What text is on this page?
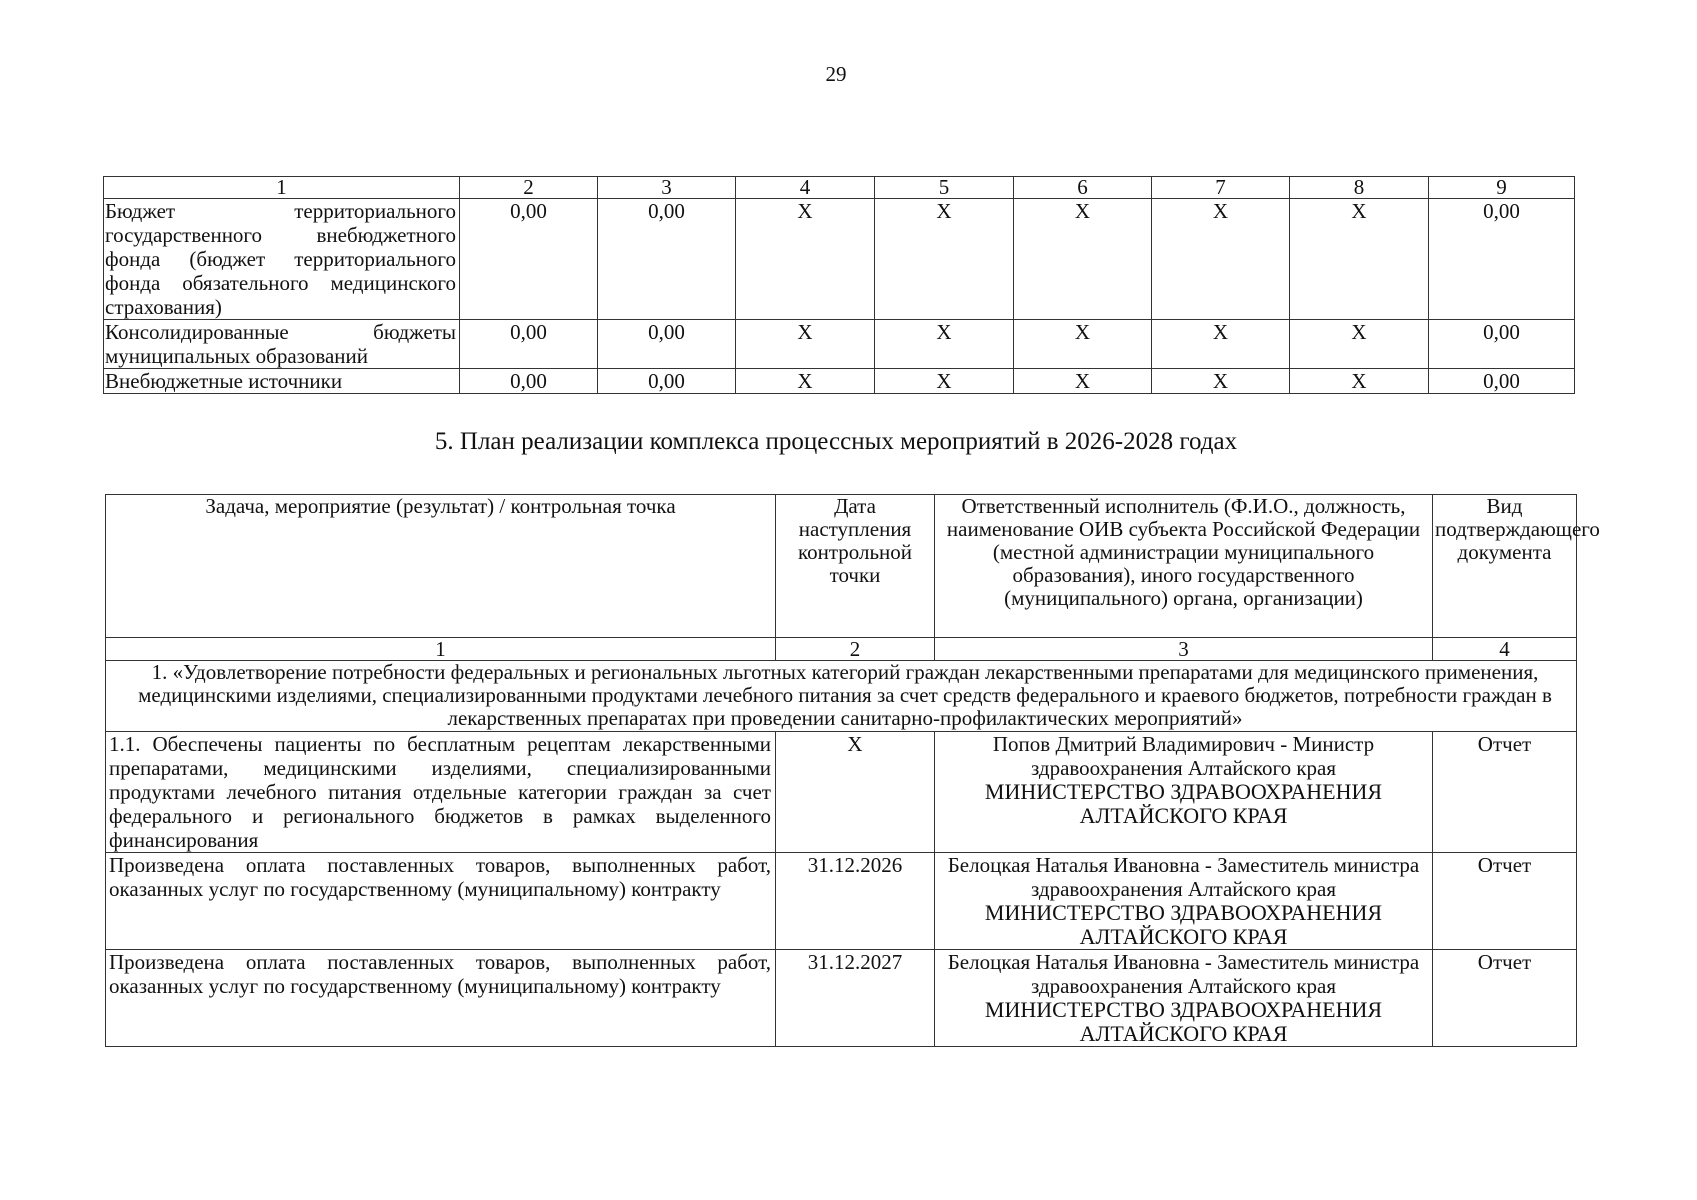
29
1	2	3	4	5	6	7	8	9
Бюджет территориального государственного внебюджетного фонда (бюджет территориального фонда обязательного медицинского страхования)	0,00	0,00	Х	Х	Х	Х	Х	0,00
Консолидированные бюджеты муниципальных образований	0,00	0,00	Х	Х	Х	Х	Х	0,00
Внебюджетные источники	0,00	0,00	Х	Х	Х	Х	Х	0,00
5. План реализации комплекса процессных мероприятий в 2026-2028 годах
Задача, мероприятие (результат) / контрольная точка	Дата наступления контрольной точки	Ответственный исполнитель (Ф.И.О., должность, наименование ОИВ субъекта Российской Федерации (местной администрации муниципального образования), иного государственного (муниципального) органа, организации)	Вид подтверждающего документа
1	2	3	4
1. «Удовлетворение потребности федеральных и региональных льготных категорий граждан лекарственными препаратами для медицинского применения, медицинскими изделиями, специализированными продуктами лечебного питания за счет средств федерального и краевого бюджетов, потребности граждан в лекарственных препаратах при проведении санитарно-профилактических мероприятий»			
1.1. Обеспечены пациенты по бесплатным рецептам лекарственными препаратами, медицинскими изделиями, специализированными продуктами лечебного питания отдельные категории граждан за счет федерального и регионального бюджетов в рамках выделенного финансирования	Х	Попов Дмитрий Владимирович - Министр здравоохранения Алтайского края
МИНИСТЕРСТВО ЗДРАВООХРАНЕНИЯ АЛТАЙСКОГО КРАЯ	Отчет
Произведена оплата поставленных товаров, выполненных работ, оказанных услуг по государственному (муниципальному) контракту	31.12.2026	Белоцкая Наталья Ивановна - Заместитель министра здравоохранения Алтайского края
МИНИСТЕРСТВО ЗДРАВООХРАНЕНИЯ АЛТАЙСКОГО КРАЯ	Отчет
Произведена оплата поставленных товаров, выполненных работ, оказанных услуг по государственному (муниципальному) контракту	31.12.2027	Белоцкая Наталья Ивановна - Заместитель министра здравоохранения Алтайского края
МИНИСТЕРСТВО ЗДРАВООХРАНЕНИЯ АЛТАЙСКОГО КРАЯ	Отчет
